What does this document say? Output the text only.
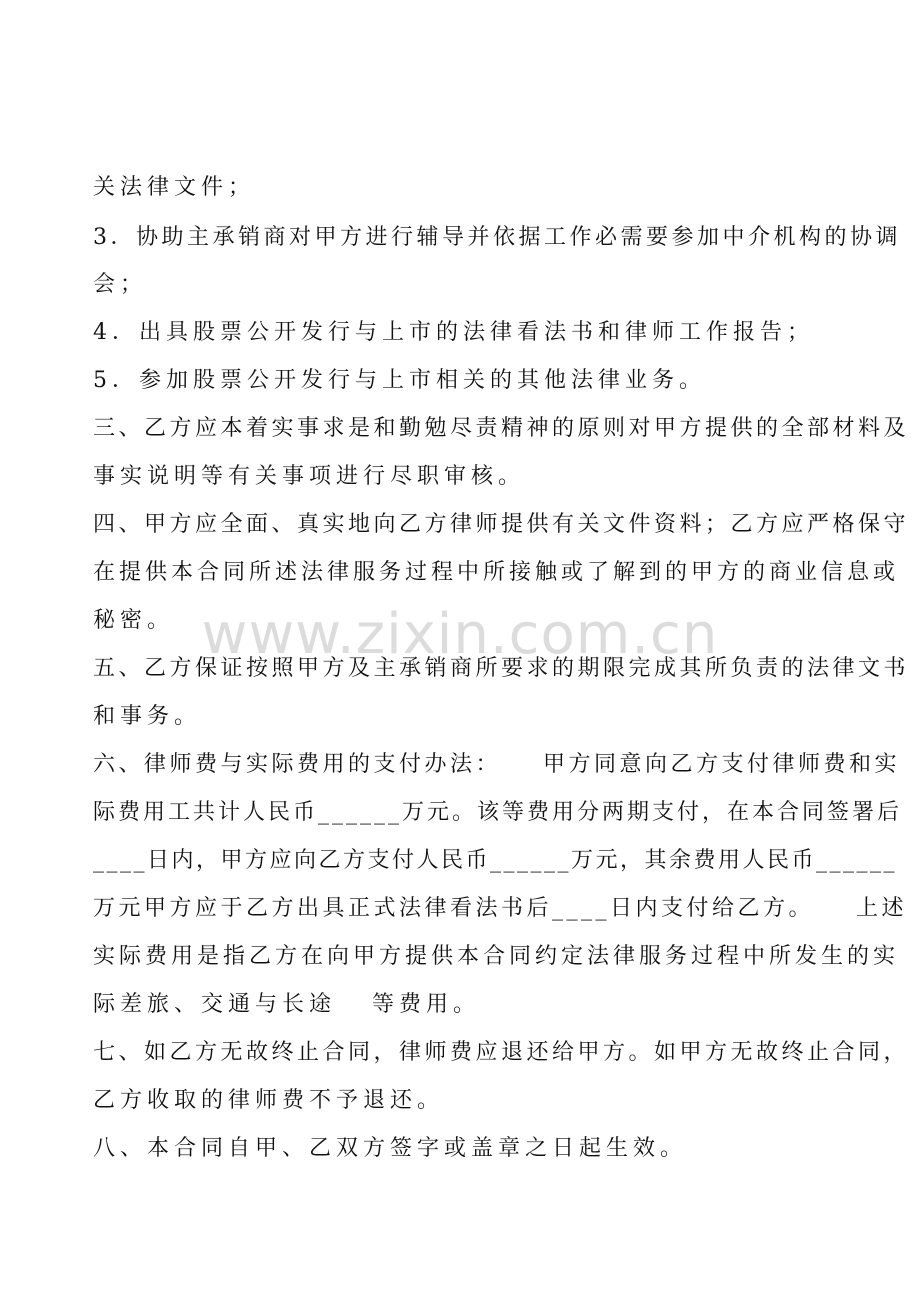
关法律文件；
3．协助主承销商对甲方进行辅导并依据工作必需要参加中介机构的协调
会；
4．出具股票公开发行与上市的法律看法书和律师工作报告；
5．参加股票公开发行与上市相关的其他法律业务。
三、乙方应本着实事求是和勤勉尽责精神的原则对甲方提供的全部材料及
事实说明等有关事项进行尽职审核。
四、甲方应全面、真实地向乙方律师提供有关文件资料；乙方应严格保守
在提供本合同所述法律服务过程中所接触或了解到的甲方的商业信息或
秘密。
五、乙方保证按照甲方及主承销商所要求的期限完成其所负责的法律文书
和事务。
六、律师费与实际费用的支付办法：    甲方同意向乙方支付律师费和实
际费用工共计人民币______万元。该等费用分两期支付，在本合同签署后
____日内，甲方应向乙方支付人民币______万元，其余费用人民币______
万元甲方应于乙方出具正式法律看法书后____日内支付给乙方。    上述
实际费用是指乙方在向甲方提供本合同约定法律服务过程中所发生的实
际差旅、交通与长途   等费用。
七、如乙方无故终止合同，律师费应退还给甲方。如甲方无故终止合同，
乙方收取的律师费不予退还。
八、本合同自甲、乙双方签字或盖章之日起生效。
www.zixin.com.cn
